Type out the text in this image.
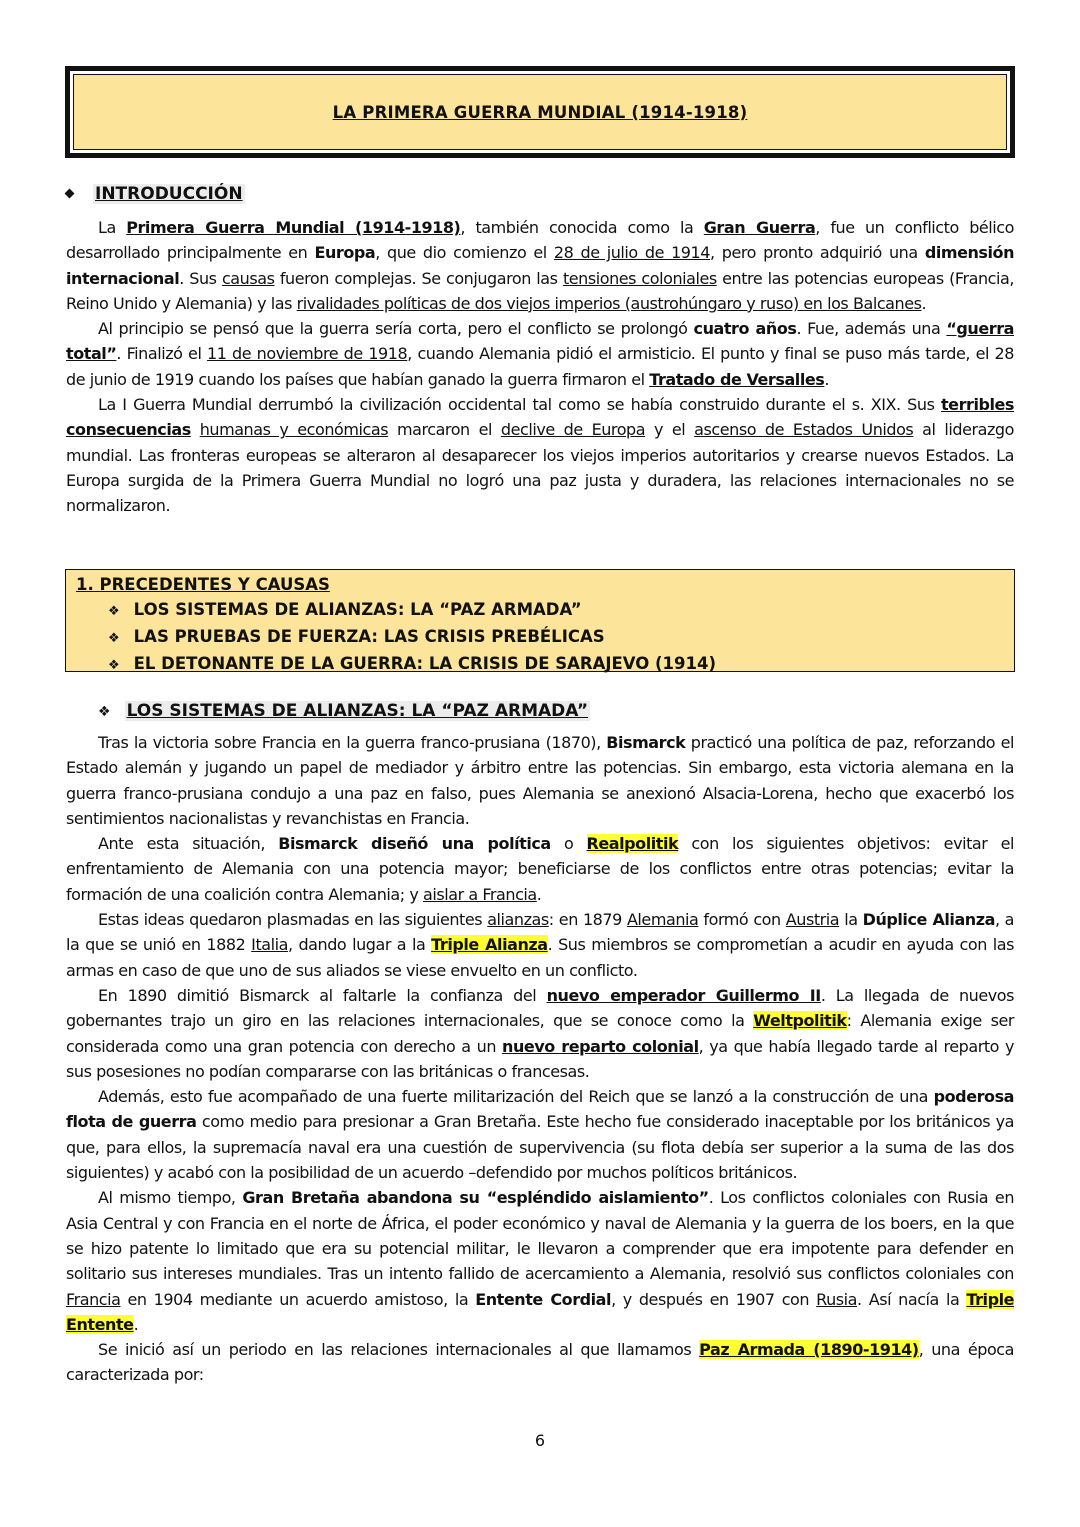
LA PRIMERA GUERRA MUNDIAL (1914-1918)
INTRODUCCIÓN

La Primera Guerra Mundial (1914-1918), también conocida como la Gran Guerra, fue un conflicto bélico desarrollado principalmente en Europa, que dio comienzo el 28 de julio de 1914, pero pronto adquirió una dimensión internacional. Sus causas fueron complejas. Se conjugaron las tensiones coloniales entre las potencias europeas (Francia, Reino Unido y Alemania) y las rivalidades políticas de dos viejos imperios (austrohúngaro y ruso) en los Balcanes.

Al principio se pensó que la guerra sería corta, pero el conflicto se prolongó cuatro años. Fue, además una “guerra total”. Finalizó el 11 de noviembre de 1918, cuando Alemania pidió el armisticio. El punto y final se puso más tarde, el 28 de junio de 1919 cuando los países que habían ganado la guerra firmaron el Tratado de Versalles.

La I Guerra Mundial derrumbó la civilización occidental tal como se había construido durante el s. XIX. Sus terribles consecuencias humanas y económicas marcaron el declive de Europa y el ascenso de Estados Unidos al liderazgo mundial. Las fronteras europeas se alteraron al desaparecer los viejos imperios autoritarios y crearse nuevos Estados. La Europa surgida de la Primera Guerra Mundial no logró una paz justa y duradera, las relaciones internacionales no se normalizaron.

1. PRECEDENTES Y CAUSAS
❖ LOS SISTEMAS DE ALIANZAS: LA “PAZ ARMADA”
❖ LAS PRUEBAS DE FUERZA: LAS CRISIS PREBÉLICAS
❖ EL DETONANTE DE LA GUERRA: LA CRISIS DE SARAJEVO (1914)
❖ LOS SISTEMAS DE ALIANZAS: LA “PAZ ARMADA”

Tras la victoria sobre Francia en la guerra franco-prusiana (1870), Bismarck practicó una política de paz, reforzando el Estado alemán y jugando un papel de mediador y árbitro entre las potencias. Sin embargo, esta victoria alemana en la guerra franco-prusiana condujo a una paz en falso, pues Alemania se anexionó Alsacia-Lorena, hecho que exacerbó los sentimientos nacionalistas y revanchistas en Francia.

Ante esta situación, Bismarck diseñó una política o Realpolitik con los siguientes objetivos: evitar el enfrentamiento de Alemania con una potencia mayor; beneficiarse de los conflictos entre otras potencias; evitar la formación de una coalición contra Alemania; y aislar a Francia.

Estas ideas quedaron plasmadas en las siguientes alianzas: en 1879 Alemania formó con Austria la Dúplice Alianza, a la que se unió en 1882 Italia, dando lugar a la Triple Alianza. Sus miembros se comprometían a acudir en ayuda con las armas en caso de que uno de sus aliados se viese envuelto en un conflicto.

En 1890 dimitió Bismarck al faltarle la confianza del nuevo emperador Guillermo II. La llegada de nuevos gobernantes trajo un giro en las relaciones internacionales, que se conoce como la Weltpolitik: Alemania exige ser considerada como una gran potencia con derecho a un nuevo reparto colonial, ya que había llegado tarde al reparto y sus posesiones no podían compararse con las británicas o francesas.

Además, esto fue acompañado de una fuerte militarización del Reich que se lanzó a la construcción de una poderosa flota de guerra como medio para presionar a Gran Bretaña. Este hecho fue considerado inaceptable por los británicos ya que, para ellos, la supremacía naval era una cuestión de supervivencia (su flota debía ser superior a la suma de las dos siguientes) y acabó con la posibilidad de un acuerdo –defendido por muchos políticos británicos.

Al mismo tiempo, Gran Bretaña abandona su “espléndido aislamiento”. Los conflictos coloniales con Rusia en Asia Central y con Francia en el norte de África, el poder económico y naval de Alemania y la guerra de los boers, en la que se hizo patente lo limitado que era su potencial militar, le llevaron a comprender que era impotente para defender en solitario sus intereses mundiales. Tras un intento fallido de acercamiento a Alemania, resolvió sus conflictos coloniales con Francia en 1904 mediante un acuerdo amistoso, la Entente Cordial, y después en 1907 con Rusia. Así nacía la Triple Entente.

Se inició así un periodo en las relaciones internacionales al que llamamos Paz Armada (1890-1914), una época caracterizada por:

6
